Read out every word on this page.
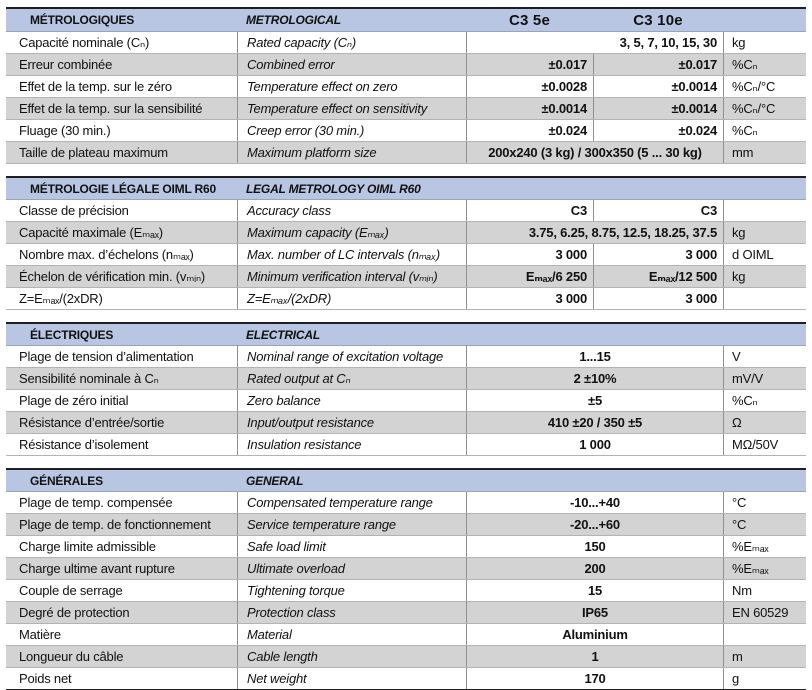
MÉTROLOGIQUES	METROLOGICAL	C3 5e	C3 10e
Capacité nominale (Cₙ)	Rated capacity (Cₙ)	3, 5, 7, 10, 15, 30	kg
Erreur combinée	Combined error	±0.017	±0.017	%Cₙ
Effet de la temp. sur le zéro	Temperature effect on zero	±0.0028	±0.0014	%Cₙ/°C
Effet de la temp. sur la sensibilité	Temperature effect on sensitivity	±0.0014	±0.0014	%Cₙ/°C
Fluage (30 min.)	Creep error (30 min.)	±0.024	±0.024	%Cₙ
Taille de plateau maximum	Maximum platform size	200x240 (3 kg) / 300x350 (5 ... 30 kg)	mm
MÉTROLOGIE LÉGALE OIML R60	LEGAL METROLOGY OIML R60
Classe de précision	Accuracy class	C3	C3
Capacité maximale (Eₘₐₓ)	Maximum capacity (Eₘₐₓ)	3.75, 6.25, 8.75, 12.5, 18.25, 37.5	kg
Nombre max. d’échelons (nₘₐₓ)	Max. number of LC intervals (nₘₐₓ)	3 000	3 000	d OIML
Échelon de vérification min. (vₘᵢₙ)	Minimum verification interval (vₘᵢₙ)	Eₘₐₓ/6 250	Eₘₐₓ/12 500	kg
Z=Eₘₐₓ/(2xDR)	Z=Eₘₐₓ/(2xDR)	3 000	3 000
ÉLECTRIQUES	ELECTRICAL
Plage de tension d’alimentation	Nominal range of excitation voltage	1...15	V
Sensibilité nominale à Cₙ	Rated output at Cₙ	2 ±10%	mV/V
Plage de zéro initial	Zero balance	±5	%Cₙ
Résistance d’entrée/sortie	Input/output resistance	410 ±20 / 350 ±5	Ω
Résistance d’isolement	Insulation resistance	1 000	MΩ/50V
GÉNÉRALES	GENERAL
Plage de temp. compensée	Compensated temperature range	-10...+40	°C
Plage de temp. de fonctionnement	Service temperature range	-20...+60	°C
Charge limite admissible	Safe load limit	150	%Eₘₐₓ
Charge ultime avant rupture	Ultimate overload	200	%Eₘₐₓ
Couple de serrage	Tightening torque	15	Nm
Degré de protection	Protection class	IP65	EN 60529
Matière	Material	Aluminium
Longueur du câble	Cable length	1	m
Poids net	Net weight	170	g
